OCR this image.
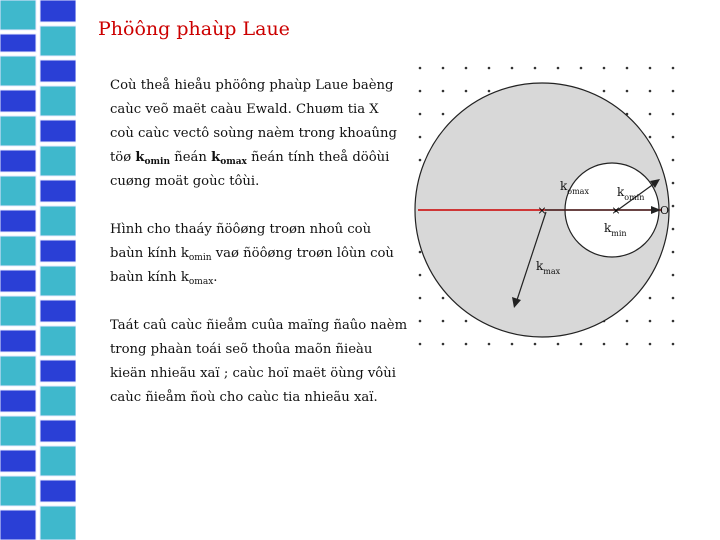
Phöông phaùp Laue
Coù theå hieåu phöông phaùp Laue baèng
caùc veõ maët caàu Ewald. Chuøm tia X
coù caùc vectô soùng naèm trong khoaûng
töø $k_{omin}$ ñeán $k_{omax}$ ñeán tính theå döôùi
cuøng moät goùc tôùi.
Hình cho thaáy ñöôøng troøn nhoû coù
baùn kính $k_{omin}$ vaø ñöôøng troøn lôùn coù
baùn kính $k_{omax}$.
Taát caû caùc ñieåm cuûa maïng ñaûo naèm
trong phaàn toái seõ thoûa maõn ñieàu
kieän nhieãu xaï ; caùc hoï maët öùng vôùi
caùc ñieåm ñoù cho caùc tia nhieãu xaï.
×	×
$k_{omax}$ $k_{omin}$
$k_{min}$
$k_{max}$
O
